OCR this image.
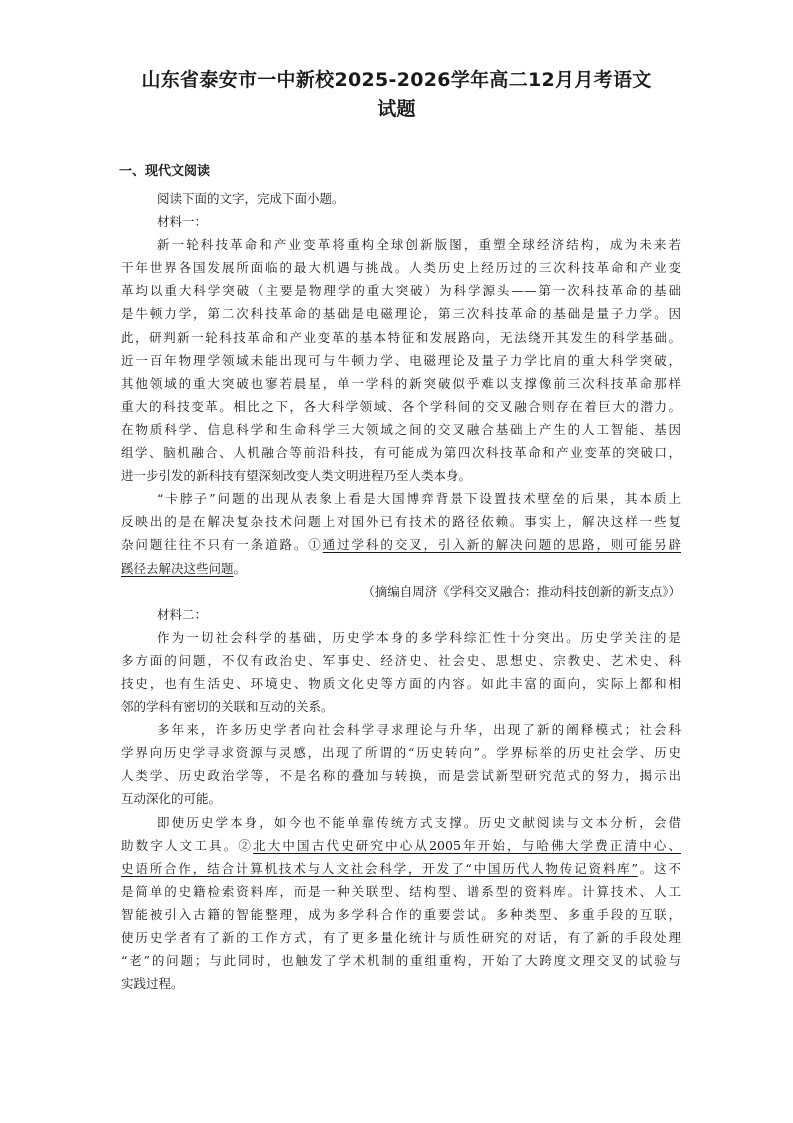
山东省泰安市一中新校2025-2026学年高二12月月考语文
试题
一、现代文阅读
阅读下面的文字，完成下面小题。
材料一：
新一轮科技革命和产业变革将重构全球创新版图，重塑全球经济结构，成为未来若
干年世界各国发展所面临的最大机遇与挑战。人类历史上经历过的三次科技革命和产业变
革均以重大科学突破（主要是物理学的重大突破）为科学源头——第一次科技革命的基础
是牛顿力学，第二次科技革命的基础是电磁理论，第三次科技革命的基础是量子力学。因
此，研判新一轮科技革命和产业变革的基本特征和发展路向，无法绕开其发生的科学基础。
近一百年物理学领域未能出现可与牛顿力学、电磁理论及量子力学比肩的重大科学突破，
其他领域的重大突破也寥若晨星，单一学科的新突破似乎难以支撑像前三次科技革命那样
重大的科技变革。相比之下，各大科学领域、各个学科间的交叉融合则存在着巨大的潜力。
在物质科学、信息科学和生命科学三大领域之间的交叉融合基础上产生的人工智能、基因
组学、脑机融合、人机融合等前沿科技，有可能成为第四次科技革命和产业变革的突破口，
进一步引发的新科技有望深刻改变人类文明进程乃至人类本身。
“卡脖子”问题的出现从表象上看是大国博弈背景下设置技术壁垒的后果，其本质上
反映出的是在解决复杂技术问题上对国外已有技术的路径依赖。事实上，解决这样一些复
杂问题往往不只有一条道路。①通过学科的交叉，引入新的解决问题的思路，则可能另辟
蹊径去解决这些问题。
（摘编自周济《学科交叉融合：推动科技创新的新支点》）
材料二：
作为一切社会科学的基础，历史学本身的多学科综汇性十分突出。历史学关注的是
多方面的问题，不仅有政治史、军事史、经济史、社会史、思想史、宗教史、艺术史、科
技史，也有生活史、环境史、物质文化史等方面的内容。如此丰富的面向，实际上都和相
邻的学科有密切的关联和互动的关系。
多年来，许多历史学者向社会科学寻求理论与升华，出现了新的阐释模式；社会科
学界向历史学寻求资源与灵感，出现了所谓的“历史转向”。学界标举的历史社会学、历史
人类学、历史政治学等，不是名称的叠加与转换，而是尝试新型研究范式的努力，揭示出
互动深化的可能。
即使历史学本身，如今也不能单靠传统方式支撑。历史文献阅读与文本分析，会借
助数字人文工具。②北大中国古代史研究中心从2005年开始，与哈佛大学费正清中心、
史语所合作，结合计算机技术与人文社会科学，开发了“中国历代人物传记资料库”。这不
是简单的史籍检索资料库，而是一种关联型、结构型、谱系型的资料库。计算技术、人工
智能被引入古籍的智能整理，成为多学科合作的重要尝试。多种类型、多重手段的互联，
使历史学者有了新的工作方式，有了更多量化统计与质性研究的对话，有了新的手段处理
“老”的问题；与此同时，也触发了学术机制的重组重构，开始了大跨度文理交叉的试验与
实践过程。
